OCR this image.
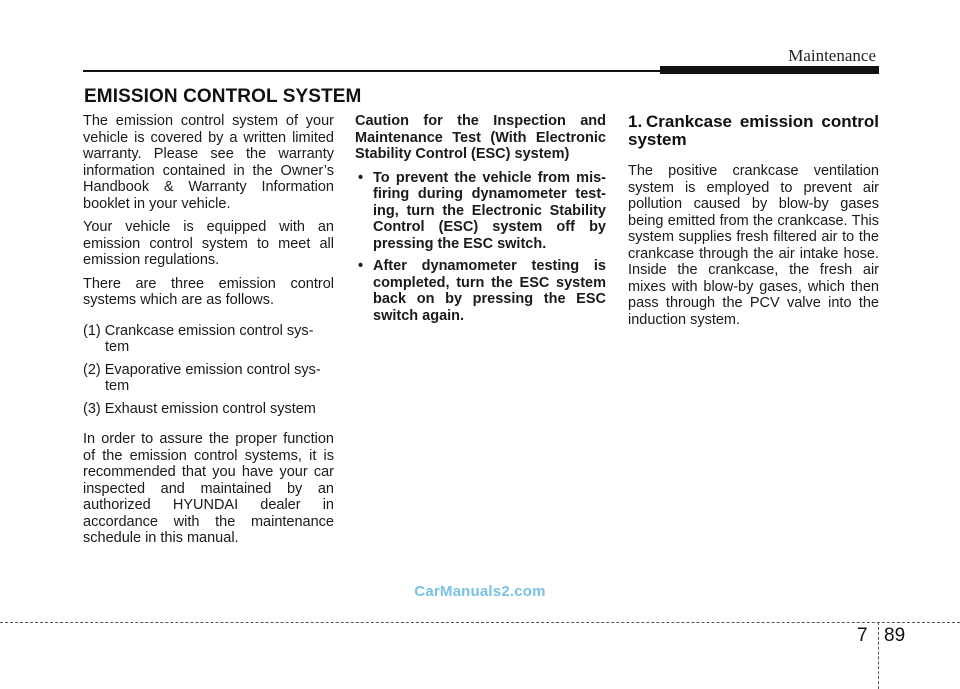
Maintenance
EMISSION CONTROL SYSTEM

The emission control system of your vehicle is covered by a written limited warranty. Please see the warranty information contained in the Owner’s Handbook & Warranty Information booklet in your vehicle.

Your vehicle is equipped with an emission control system to meet all emission regulations.

There are three emission control systems which are as follows.

(1) Crankcase emission control sys- tem
(2) Evaporative emission control sys- tem
(3) Exhaust emission control system

In order to assure the proper function of the emission control systems, it is recommended that you have your car inspected and maintained by an authorized HYUNDAI dealer in accordance with the maintenance schedule in this manual.

Caution for the Inspection and Maintenance Test (With Electronic Stability Control (ESC) system)

• To prevent the vehicle from mis- firing during dynamometer test- ing, turn the Electronic Stability Control (ESC) system off by pressing the ESC switch.
• After dynamometer testing is completed, turn the ESC system back on by pressing the ESC switch again.
1. Crankcase emission control system

The positive crankcase ventilation system is employed to prevent air pollution caused by blow-by gases being emitted from the crankcase. This system supplies fresh filtered air to the crankcase through the air intake hose. Inside the crankcase, the fresh air mixes with blow-by gases, which then pass through the PCV valve into the induction system.

CarManuals2.com
7 89
